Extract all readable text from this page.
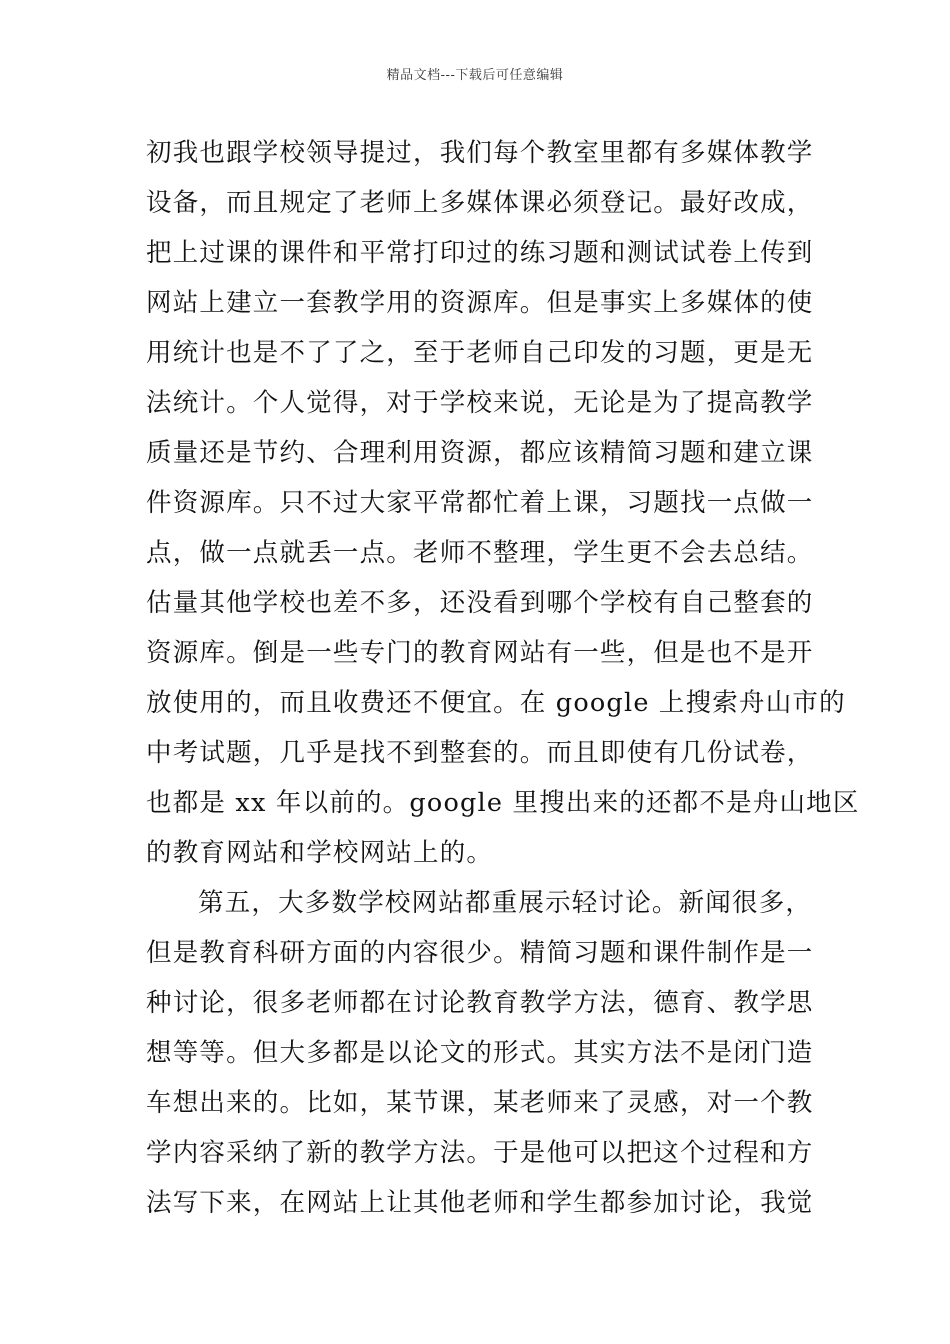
精品文档---下载后可任意编辑
初我也跟学校领导提过，我们每个教室里都有多媒体教学
设备，而且规定了老师上多媒体课必须登记。最好改成，
把上过课的课件和平常打印过的练习题和测试试卷上传到
网站上建立一套教学用的资源库。但是事实上多媒体的使
用统计也是不了了之，至于老师自己印发的习题，更是无
法统计。个人觉得，对于学校来说，无论是为了提高教学
质量还是节约、合理利用资源，都应该精简习题和建立课
件资源库。只不过大家平常都忙着上课，习题找一点做一
点，做一点就丢一点。老师不整理，学生更不会去总结。
估量其他学校也差不多，还没看到哪个学校有自己整套的
资源库。倒是一些专门的教育网站有一些，但是也不是开
放使用的，而且收费还不便宜。在 google 上搜索舟山市的
中考试题，几乎是找不到整套的。而且即使有几份试卷，
也都是 xx 年以前的。google 里搜出来的还都不是舟山地区
的教育网站和学校网站上的。
第五，大多数学校网站都重展示轻讨论。新闻很多，
但是教育科研方面的内容很少。精简习题和课件制作是一
种讨论，很多老师都在讨论教育教学方法，德育、教学思
想等等。但大多都是以论文的形式。其实方法不是闭门造
车想出来的。比如，某节课，某老师来了灵感，对一个教
学内容采纳了新的教学方法。于是他可以把这个过程和方
法写下来，在网站上让其他老师和学生都参加讨论，我觉
